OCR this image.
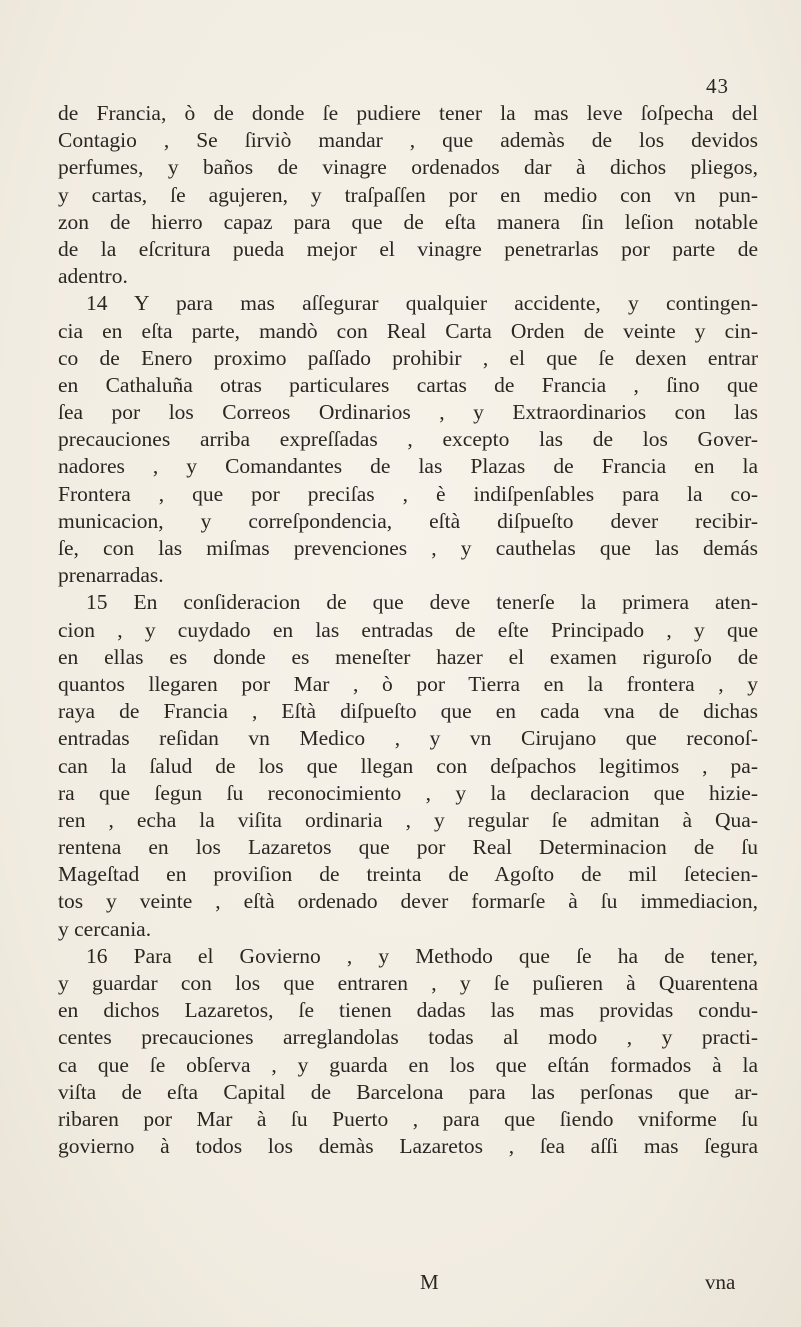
43
de Francia, ò de donde ſe pudiere tener la mas leve ſoſpecha del
Contagio , Se ſirviò mandar , que ademàs de los devidos
perfumes, y baños de vinagre ordenados dar à dichos pliegos,
y cartas, ſe agujeren, y traſpaſſen por en medio con vn pun-
zon de hierro capaz para que de eſta manera ſin leſion notable
de la eſcritura pueda mejor el vinagre penetrarlas por parte de
adentro.
14 Y para mas aſſegurar qualquier accidente, y contingen-
cia en eſta parte, mandò con Real Carta Orden de veinte y cin-
co de Enero proximo paſſado prohibir , el que ſe dexen entrar
en Cathaluña otras particulares cartas de Francia , ſino que
ſea por los Correos Ordinarios , y Extraordinarios con las
precauciones arriba expreſſadas , excepto las de los Gover-
nadores , y Comandantes de las Plazas de Francia en la
Frontera , que por preciſas , è indiſpenſables para la co-
municacion, y correſpondencia, eſtà diſpueſto dever recibir-
ſe, con las miſmas prevenciones , y cauthelas que las demás
prenarradas.
15 En conſideracion de que deve tenerſe la primera aten-
cion , y cuydado en las entradas de eſte Principado , y que
en ellas es donde es meneſter hazer el examen riguroſo de
quantos llegaren por Mar , ò por Tierra en la frontera , y
raya de Francia , Eſtà diſpueſto que en cada vna de dichas
entradas reſidan vn Medico , y vn Cirujano que reconoſ-
can la ſalud de los que llegan con deſpachos legitimos , pa-
ra que ſegun ſu reconocimiento , y la declaracion que hizie-
ren , echa la viſita ordinaria , y regular ſe admitan à Qua-
rentena en los Lazaretos que por Real Determinacion de ſu
Mageſtad en proviſion de treinta de Agoſto de mil ſetecien-
tos y veinte , eſtà ordenado dever formarſe à ſu immediacion,
y cercania.
16 Para el Govierno , y Methodo que ſe ha de tener,
y guardar con los que entraren , y ſe puſieren à Quarentena
en dichos Lazaretos, ſe tienen dadas las mas providas condu-
centes precauciones arreglandolas todas al modo , y practi-
ca que ſe obſerva , y guarda en los que eſtán formados à la
viſta de eſta Capital de Barcelona para las perſonas que ar-
ribaren por Mar à ſu Puerto , para que ſiendo vniforme ſu
govierno à todos los demàs Lazaretos , ſea aſſi mas ſegura
M	vna
